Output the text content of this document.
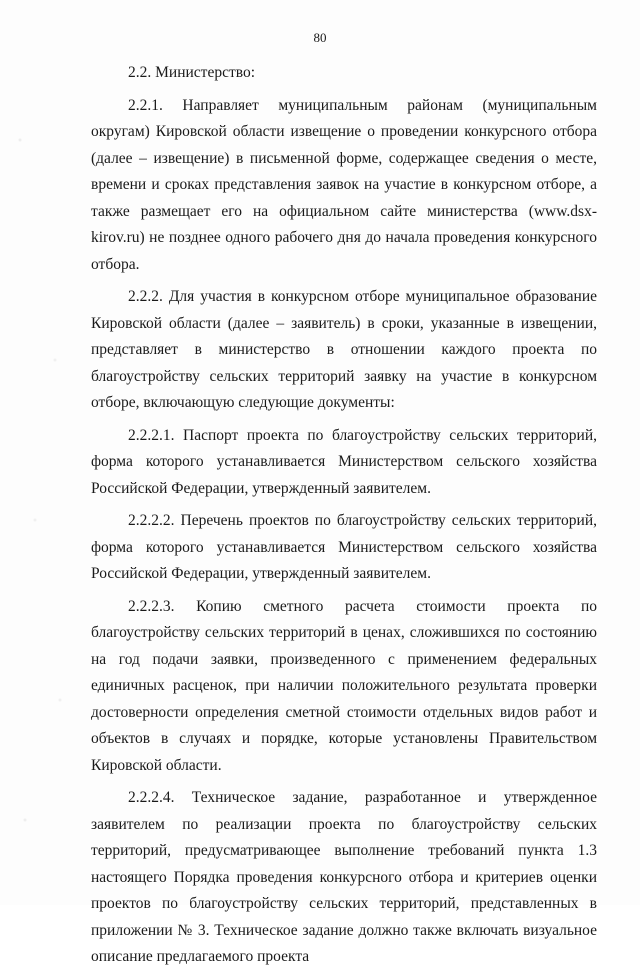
80

2.2. Министерство:

2.2.1. Направляет муниципальным районам (муниципальным округам) Кировской области извещение о проведении конкурсного отбора (далее – извещение) в письменной форме, содержащее сведения о месте, времени и сроках представления заявок на участие в конкурсном отборе, а также размещает его на официальном сайте министерства (www.dsx-kirov.ru) не позднее одного рабочего дня до начала проведения конкурсного отбора.

2.2.2. Для участия в конкурсном отборе муниципальное образование Кировской области (далее – заявитель) в сроки, указанные в извещении, представляет в министерство в отношении каждого проекта по благоустройству сельских территорий заявку на участие в конкурсном отборе, включающую следующие документы:

2.2.2.1. Паспорт проекта по благоустройству сельских территорий, форма которого устанавливается Министерством сельского хозяйства Российской Федерации, утвержденный заявителем.

2.2.2.2. Перечень проектов по благоустройству сельских территорий, форма которого устанавливается Министерством сельского хозяйства Российской Федерации, утвержденный заявителем.

2.2.2.3. Копию сметного расчета стоимости проекта по благоустройству сельских территорий в ценах, сложившихся по состоянию на год подачи заявки, произведенного с применением федеральных единичных расценок, при наличии положительного результата проверки достоверности определения сметной стоимости отдельных видов работ и объектов в случаях и порядке, которые установлены Правительством Кировской области.

2.2.2.4. Техническое задание, разработанное и утвержденное заявителем по реализации проекта по благоустройству сельских территорий, предусматривающее выполнение требований пункта 1.3 настоящего Порядка проведения конкурсного отбора и критериев оценки проектов по благоустройству сельских территорий, представленных в приложении № 3. Техническое задание должно также включать визуальное описание предлагаемого проекта
